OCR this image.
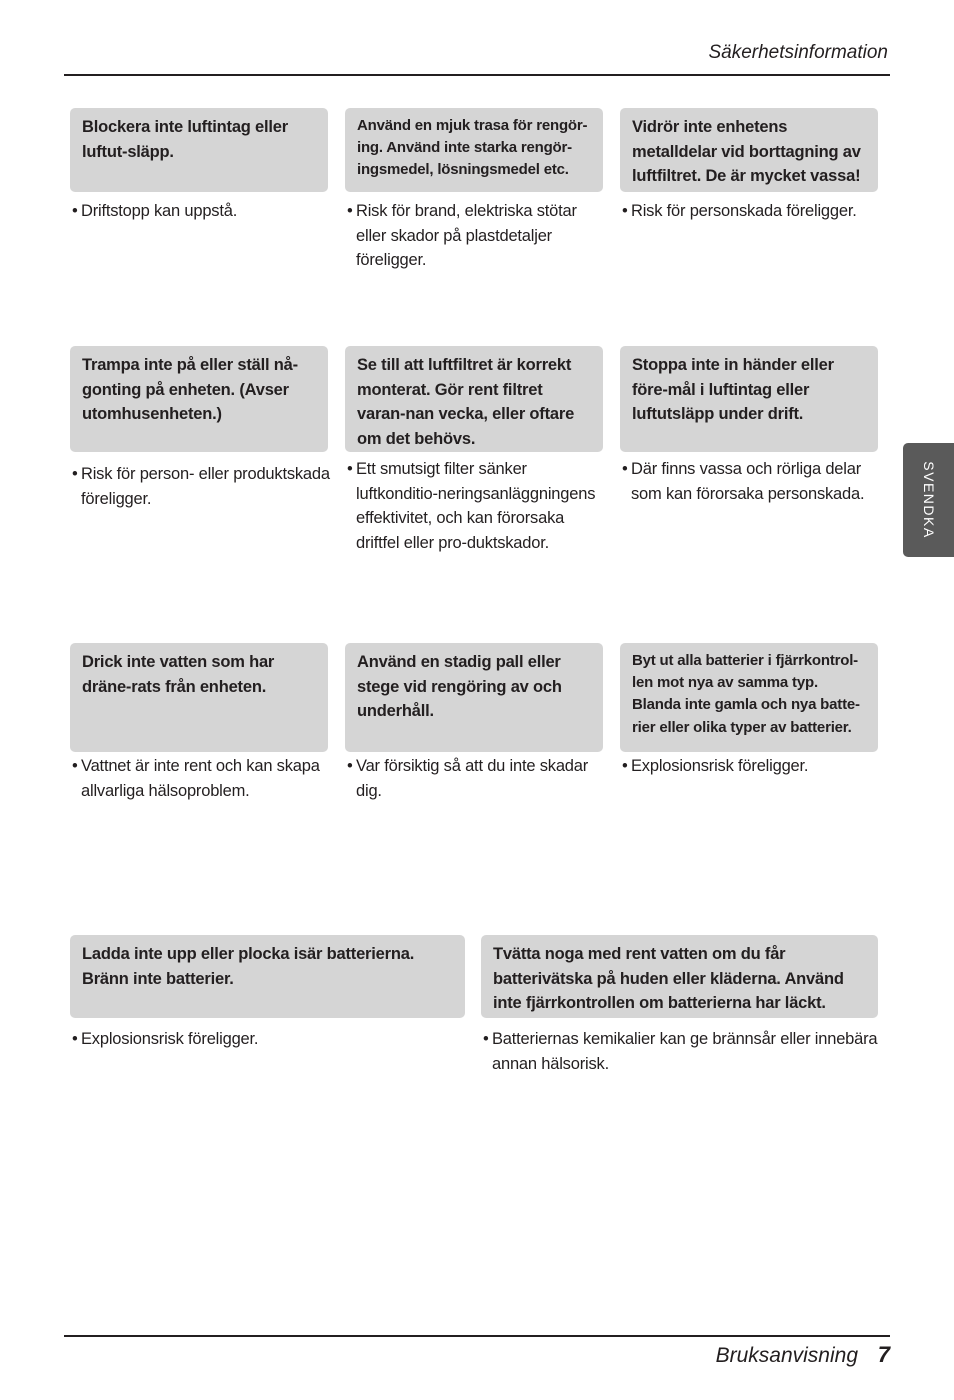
Säkerhetsinformation
Blockera inte luftintag eller luftut-släpp.
• Driftstopp kan uppstå.
Använd en mjuk trasa för rengör-ing. Använd inte starka rengör-ingsmedel, lösningsmedel etc.
• Risk för brand, elektriska stötar eller skador på plastdetaljer föreligger.
Vidrör inte enhetens metalldelar vid borttagning av luftfiltret. De är mycket vassa!
• Risk för personskada föreligger.
Trampa inte på eller ställ nå-gonting på enheten. (Avser utomhusenheten.)
• Risk för person- eller produktskada föreligger.
Se till att luftfiltret är korrekt monterat. Gör rent filtret varan-nan vecka, eller oftare om det behövs.
• Ett smutsigt filter sänker luftkonditio-neringsanläggningens effektivitet, och kan förorsaka driftfel eller pro-duktskador.
Stoppa inte in händer eller före-mål i luftintag eller luftutsläpp under drift.
• Där finns vassa och rörliga delar som kan förorsaka personskada.
Drick inte vatten som har dräne-rats från enheten.
• Vattnet är inte rent och kan skapa allvarliga hälsoproblem.
Använd en stadig pall eller stege vid rengöring av och underhåll.
• Var försiktig så att du inte skadar dig.
Byt ut alla batterier i fjärrkontrol-len mot nya av samma typ. Blanda inte gamla och nya batte-rier eller olika typer av batterier.
• Explosionsrisk föreligger.
Ladda inte upp eller plocka isär batterierna. Bränn inte batterier.
• Explosionsrisk föreligger.
Tvätta noga med rent vatten om du får batterivätska på huden eller kläderna. Använd inte fjärrkontrollen om batterierna har läckt.
• Batteriernas kemikalier kan ge brännsår eller innebära annan hälsorisk.
SVENDKA
Bruksanvisning 7
